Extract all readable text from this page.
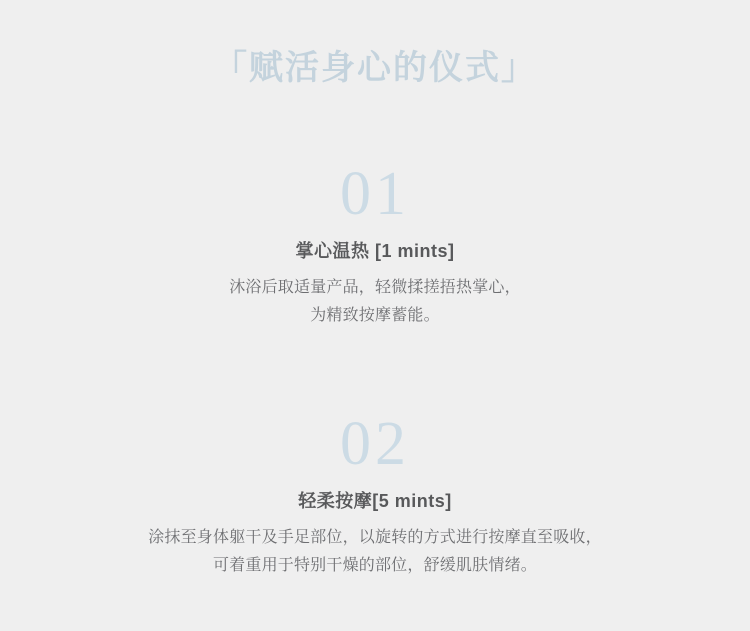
「赋活身心的仪式」
01
掌心温热 [1 mints]
沐浴后取适量产品，轻微揉搓捂热掌心，
为精致按摩蓄能。
02
轻柔按摩[5 mints]
涂抹至身体躯干及手足部位，以旋转的方式进行按摩直至吸收，
可着重用于特别干燥的部位，舒缓肌肤情绪。
